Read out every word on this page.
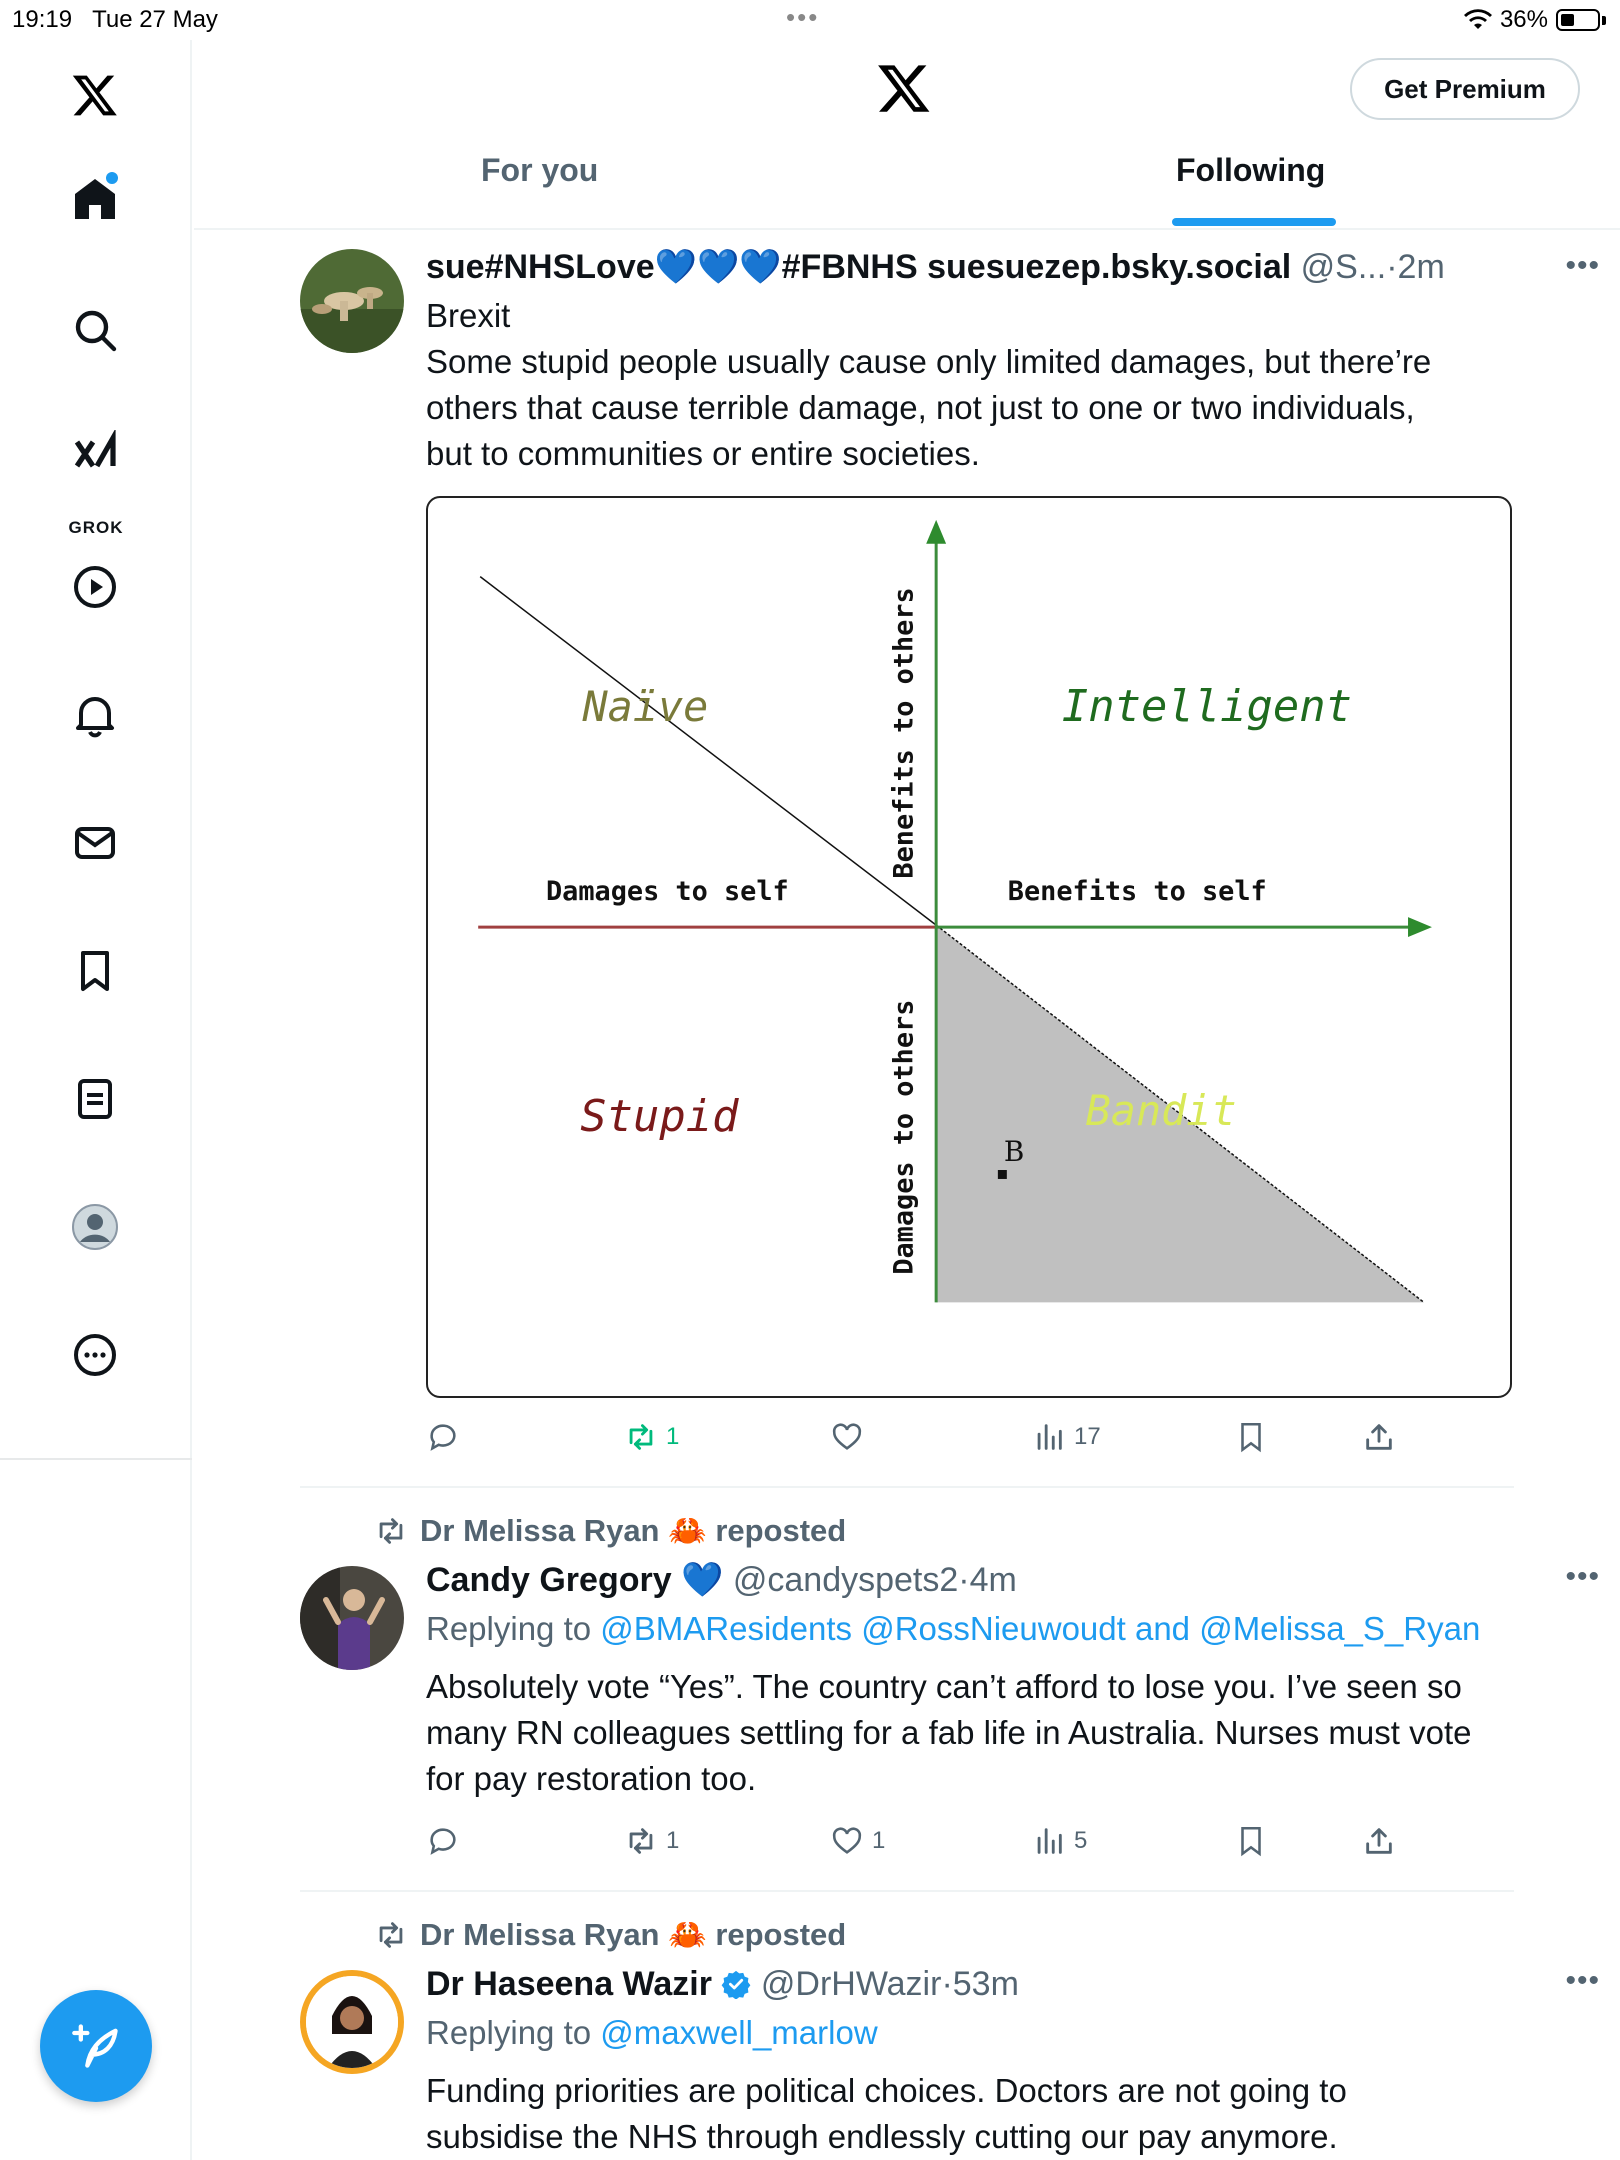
19:19 Tue 27 May	•••	36%
GROK
Get Premium
For you	Following
sue#NHSLove💙💙💙#FBNHS suesuezep.bsky.social @S...·2m
Brexit
Some stupid people usually cause only limited damages, but there’re
others that cause terrible damage, not just to one or two individuals,
but to communities or entire societies.
•••
Naïve	Intelligent
Stupid	Bandit
Damages to self	Benefits to self
Benefits to others
Damages to others	B
1	17
Dr Melissa Ryan 🦀 reposted
Candy Gregory 💙 @candyspets2·4m
Replying to @BMAResidents @RossNieuwoudt and @Melissa_S_Ryan
Absolutely vote “Yes”. The country can’t afford to lose you. I’ve seen so
many RN colleagues settling for a fab life in Australia. Nurses must vote
for pay restoration too.
•••
1	1	5
Dr Melissa Ryan 🦀 reposted
Dr Haseena Wazir @DrHWazir·53m
Replying to @maxwell_marlow
Funding priorities are political choices. Doctors are not going to
subsidise the NHS through endlessly cutting our pay anymore.
•••
